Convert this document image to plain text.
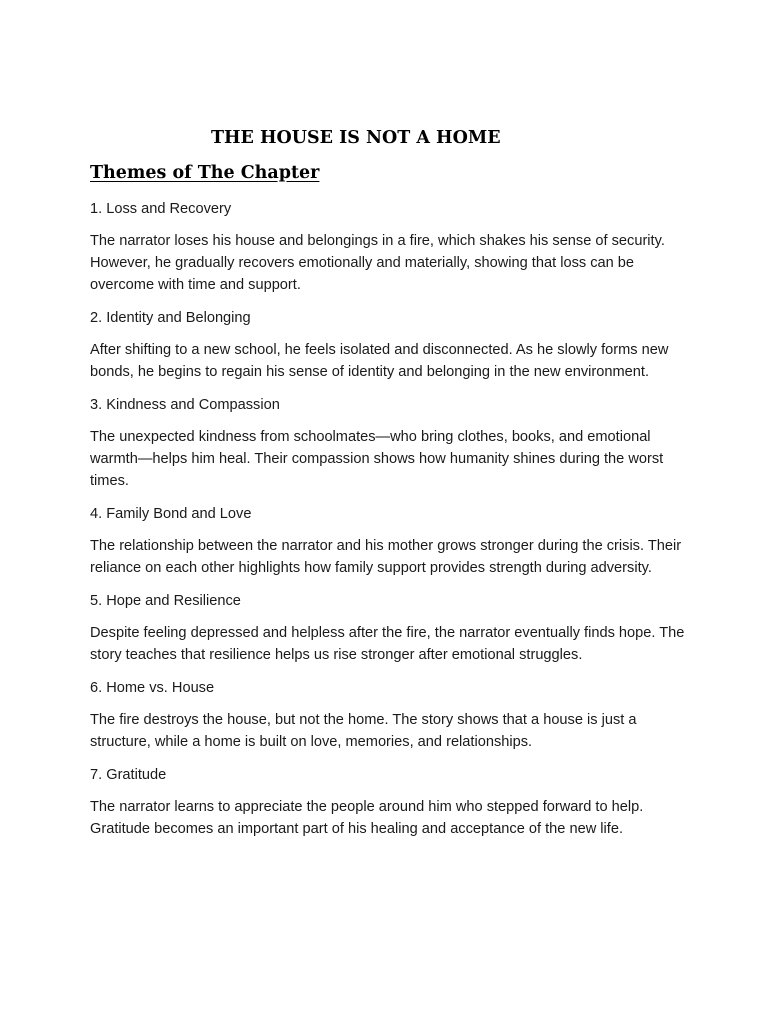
THE HOUSE IS NOT A HOME
Themes of The Chapter

1. Loss and Recovery

The narrator loses his house and belongings in a fire, which shakes his sense of security. However, he gradually recovers emotionally and materially, showing that loss can be overcome with time and support.

2. Identity and Belonging

After shifting to a new school, he feels isolated and disconnected. As he slowly forms new bonds, he begins to regain his sense of identity and belonging in the new environment.

3. Kindness and Compassion

The unexpected kindness from schoolmates—who bring clothes, books, and emotional warmth—helps him heal. Their compassion shows how humanity shines during the worst times.

4. Family Bond and Love

The relationship between the narrator and his mother grows stronger during the crisis. Their reliance on each other highlights how family support provides strength during adversity.

5. Hope and Resilience

Despite feeling depressed and helpless after the fire, the narrator eventually finds hope. The story teaches that resilience helps us rise stronger after emotional struggles.

6. Home vs. House

The fire destroys the house, but not the home. The story shows that a house is just a structure, while a home is built on love, memories, and relationships.

7. Gratitude

The narrator learns to appreciate the people around him who stepped forward to help. Gratitude becomes an important part of his healing and acceptance of the new life.
